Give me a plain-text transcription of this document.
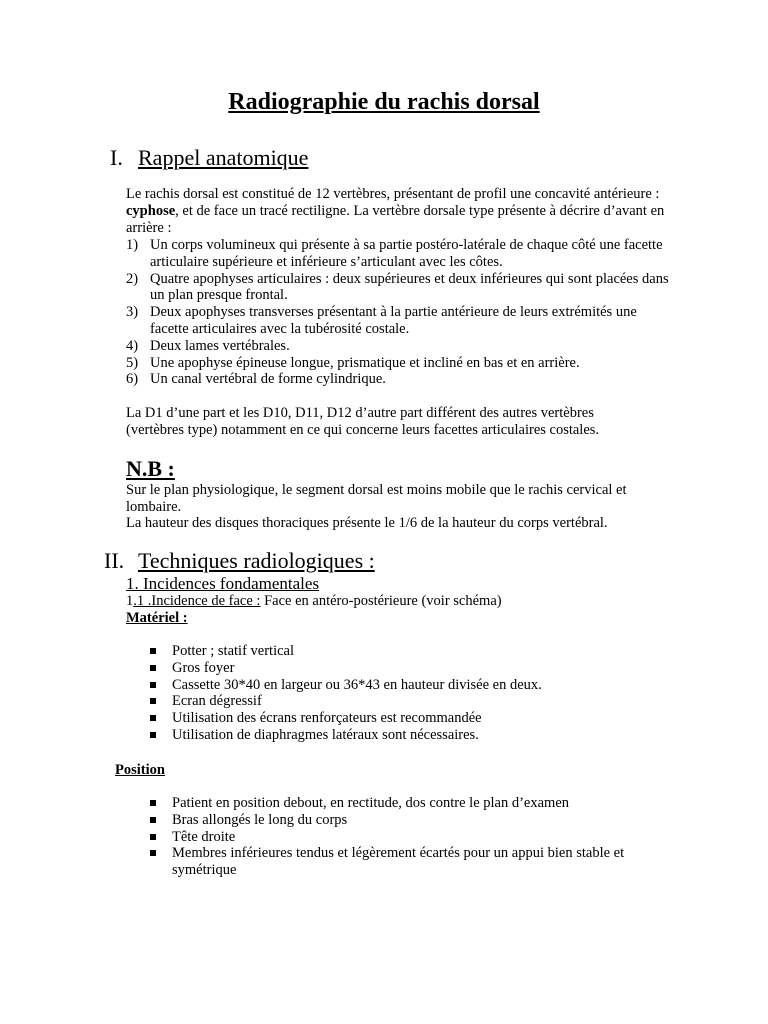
Radiographie du rachis dorsal
I. Rappel anatomique

Le rachis dorsal est constitué de 12 vertèbres, présentant de profil une concavité antérieure : cyphose, et de face un tracé rectiligne. La vertèbre dorsale type présente à décrire d’avant en arrière :

1) Un corps volumineux qui présente à sa partie postéro-latérale de chaque côté une facette articulaire supérieure et inférieure s’articulant avec les côtes.
2) Quatre apophyses articulaires : deux supérieures et deux inférieures qui sont placées dans un plan presque frontal.
3) Deux apophyses transverses présentant à la partie antérieure de leurs extrémités une facette articulaires avec la tubérosité costale.
4) Deux lames vertébrales.
5) Une apophyse épineuse longue, prismatique et incliné en bas et en arrière.
6) Un canal vertébral de forme cylindrique.

La D1 d’une part et les D10, D11, D12 d’autre part différent des autres vertèbres (vertèbres type) notamment en ce qui concerne leurs facettes articulaires costales.

N.B :

Sur le plan physiologique, le segment dorsal est moins mobile que le rachis cervical et lombaire.

La hauteur des disques thoraciques présente le 1/6 de la hauteur du corps vertébral.

II. Techniques radiologiques :

1. Incidences fondamentales

1.1 .Incidence de face : Face en antéro-postérieure (voir schéma)

Matériel :

Potter ; statif vertical
Gros foyer
Cassette 30*40 en largeur ou 36*43 en hauteur divisée en deux.
Ecran dégressif
Utilisation des écrans renforçateurs est recommandée
Utilisation de diaphragmes latéraux sont nécessaires.

Position

Patient en position debout, en rectitude, dos contre le plan d’examen
Bras allongés le long du corps
Tête droite
Membres inférieures tendus et légèrement écartés pour un appui bien stable et symétrique
